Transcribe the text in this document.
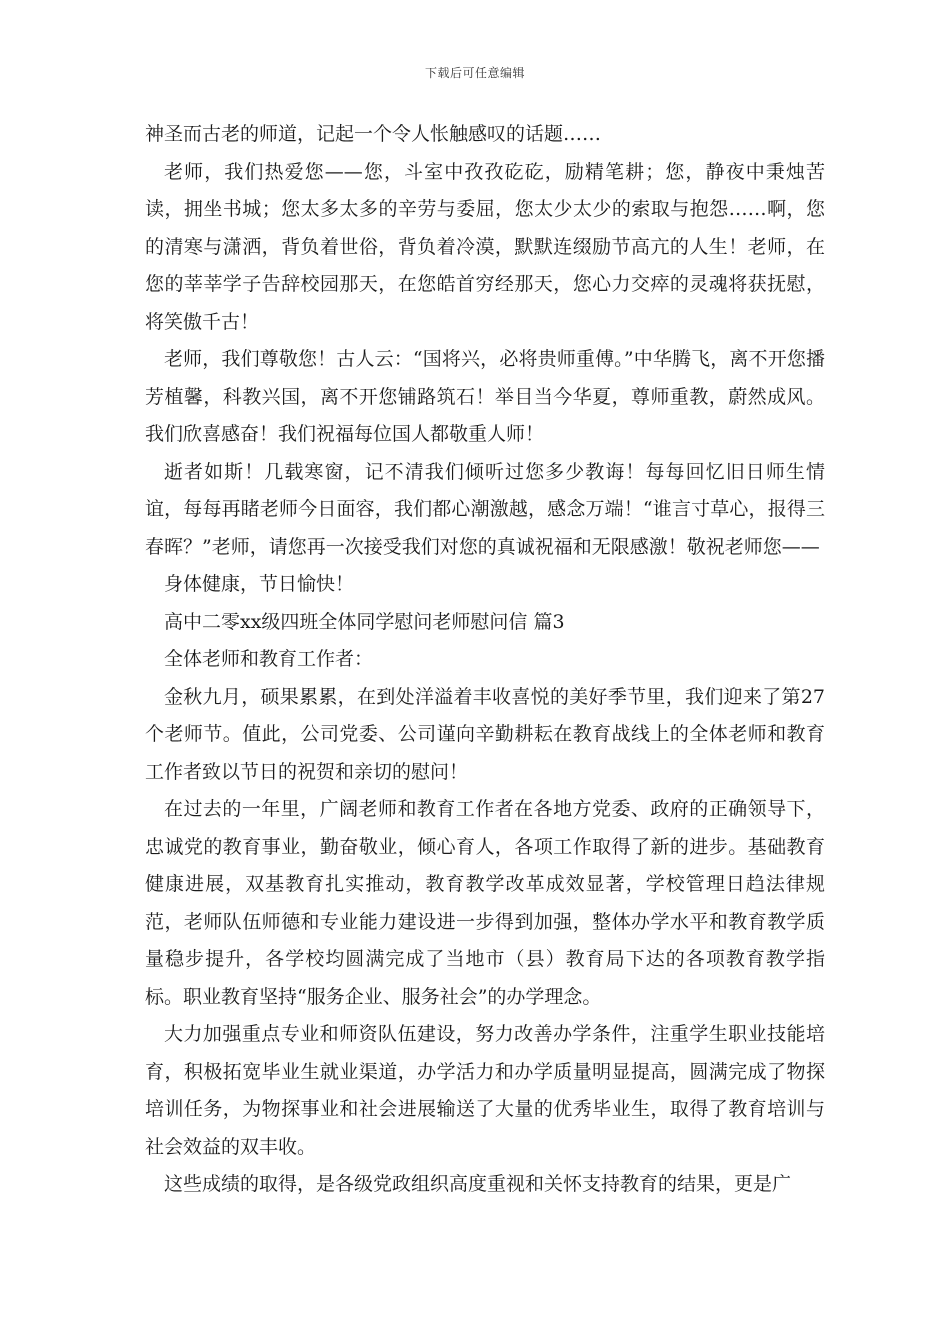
下载后可任意编辑

神圣而古老的师道，记起一个令人怅触感叹的话题……

老师，我们热爱您——您，斗室中孜孜矻矻，励精笔耕；您，静夜中秉烛苦读，拥坐书城；您太多太多的辛劳与委屈，您太少太少的索取与抱怨……啊，您的清寒与潇洒，背负着世俗，背负着冷漠，默默连缀励节高亢的人生！老师，在您的莘莘学子告辞校园那天，在您皓首穷经那天，您心力交瘁的灵魂将获抚慰，将笑傲千古！

老师，我们尊敬您！古人云：“国将兴，必将贵师重傅。”中华腾飞，离不开您播芳植馨，科教兴国，离不开您铺路筑石！举目当今华夏，尊师重教，蔚然成风。我们欣喜感奋！我们祝福每位国人都敬重人师！

逝者如斯！几载寒窗，记不清我们倾听过您多少教诲！每每回忆旧日师生情谊，每每再睹老师今日面容，我们都心潮激越，感念万端！“谁言寸草心，报得三春晖？”老师，请您再一次接受我们对您的真诚祝福和无限感激！敬祝老师您——

身体健康，节日愉快！

高中二零xx级四班全体同学慰问老师慰问信 篇3

全体老师和教育工作者：

金秋九月，硕果累累，在到处洋溢着丰收喜悦的美好季节里，我们迎来了第27个老师节。值此，公司党委、公司谨向辛勤耕耘在教育战线上的全体老师和教育工作者致以节日的祝贺和亲切的慰问！

在过去的一年里，广阔老师和教育工作者在各地方党委、政府的正确领导下，忠诚党的教育事业，勤奋敬业，倾心育人，各项工作取得了新的进步。基础教育健康进展，双基教育扎实推动，教育教学改革成效显著，学校管理日趋法律规范，老师队伍师德和专业能力建设进一步得到加强，整体办学水平和教育教学质量稳步提升，各学校均圆满完成了当地市（县）教育局下达的各项教育教学指标。职业教育坚持“服务企业、服务社会”的办学理念。

大力加强重点专业和师资队伍建设，努力改善办学条件，注重学生职业技能培育，积极拓宽毕业生就业渠道，办学活力和办学质量明显提高，圆满完成了物探培训任务，为物探事业和社会进展输送了大量的优秀毕业生，取得了教育培训与社会效益的双丰收。

这些成绩的取得，是各级党政组织高度重视和关怀支持教育的结果，更是广
